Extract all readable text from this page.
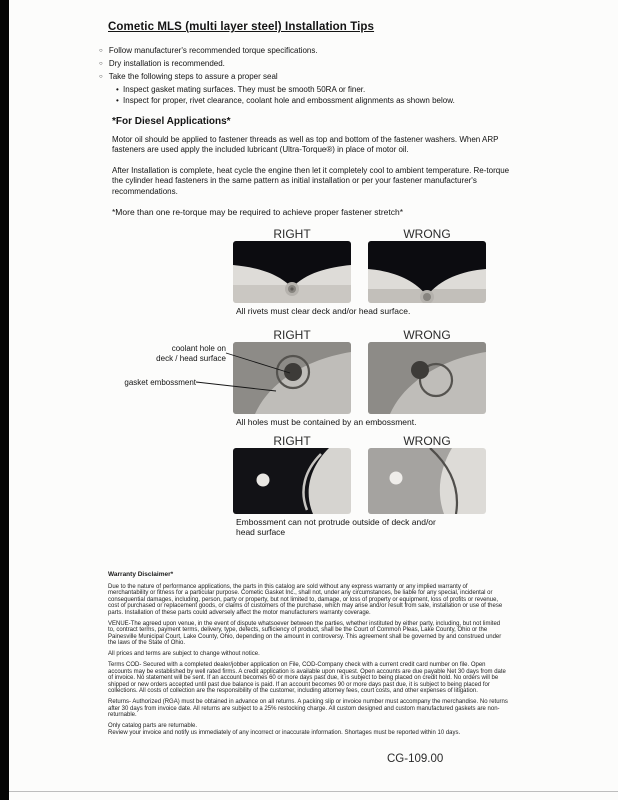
Cometic MLS (multi layer steel) Installation Tips
○ Follow manufacturer's recommended torque specifications.
○ Dry installation is recommended.
○ Take the following steps to assure a proper seal
• Inspect gasket mating surfaces. They must be smooth 50RA or finer.
• Inspect for proper, rivet clearance, coolant hole and embossment alignments as shown below.
*For Diesel Applications*

Motor oil should be applied to fastener threads as well as top and bottom of the fastener washers. When ARP fasteners are used apply the included lubricant (Ultra-Torque®) in place of motor oil.

After Installation is complete, heat cycle the engine then let it completely cool to ambient temperature. Re-torque the cylinder head fasteners in the same pattern as initial installation or per your fastener manufacturer's recommendations.

*More than one re-torque may be required to achieve proper fastener stretch*

RIGHT	WRONG
All rivets must clear deck and/or head surface.
RIGHT	WRONG
All holes must be contained by an embossment.
RIGHT	WRONG
Embossment can not protrude outside of deck and/or head surface
coolant hole on
deck / head surface
gasket embossment
Warranty Disclaimer*

Due to the nature of performance applications, the parts in this catalog are sold without any express warranty or any implied warranty of merchantability or fitness for a particular purpose. Cometic Gasket Inc., shall not, under any circumstances, be liable for any special, incidental or consequential damages, including, person, party or property, but not limited to, damage, or loss of property or equipment, loss of profits or revenue, cost of purchased or replacement goods, or claims of customers of the purchase, which may arise and/or result from sale, installation or use of these parts. Installation of these parts could adversely affect the motor manufacturers warranty coverage.

VENUE-The agreed upon venue, in the event of dispute whatsoever between the parties, whether instituted by either party, including, but not limited to, contract terms, payment terms, delivery, type, defects, sufficiency of product, shall be the Court of Common Pleas, Lake County, Ohio or the Painesville Municipal Court, Lake County, Ohio, depending on the amount in controversy. This agreement shall be governed by and construed under the laws of the State of Ohio.

All prices and terms are subject to change without notice.

Terms COD- Secured with a completed dealer/jobber application on File, COD-Company check with a current credit card number on file. Open accounts may be established by well rated firms. A credit application is available upon request. Open accounts are due payable Net 30 days from date of invoice. No statement will be sent. If an account becomes 60 or more days past due, it is subject to being placed on credit hold. No orders will be shipped or new orders accepted until past due balance is paid. If an account becomes 90 or more days past due, it is subject to being placed for collections. All costs of collection are the responsibility of the customer, including attorney fees, court costs, and other expenses of litigation.

Returns- Authorized (RGA) must be obtained in advance on all returns. A packing slip or invoice number must accompany the merchandise. No returns after 30 days from invoice date. All returns are subject to a 25% restocking charge. All custom designed and custom manufactured gaskets are non-returnable.

Only catalog parts are returnable.

Review your invoice and notify us immediately of any incorrect or inaccurate information. Shortages must be reported within 10 days.

CG-109.00
